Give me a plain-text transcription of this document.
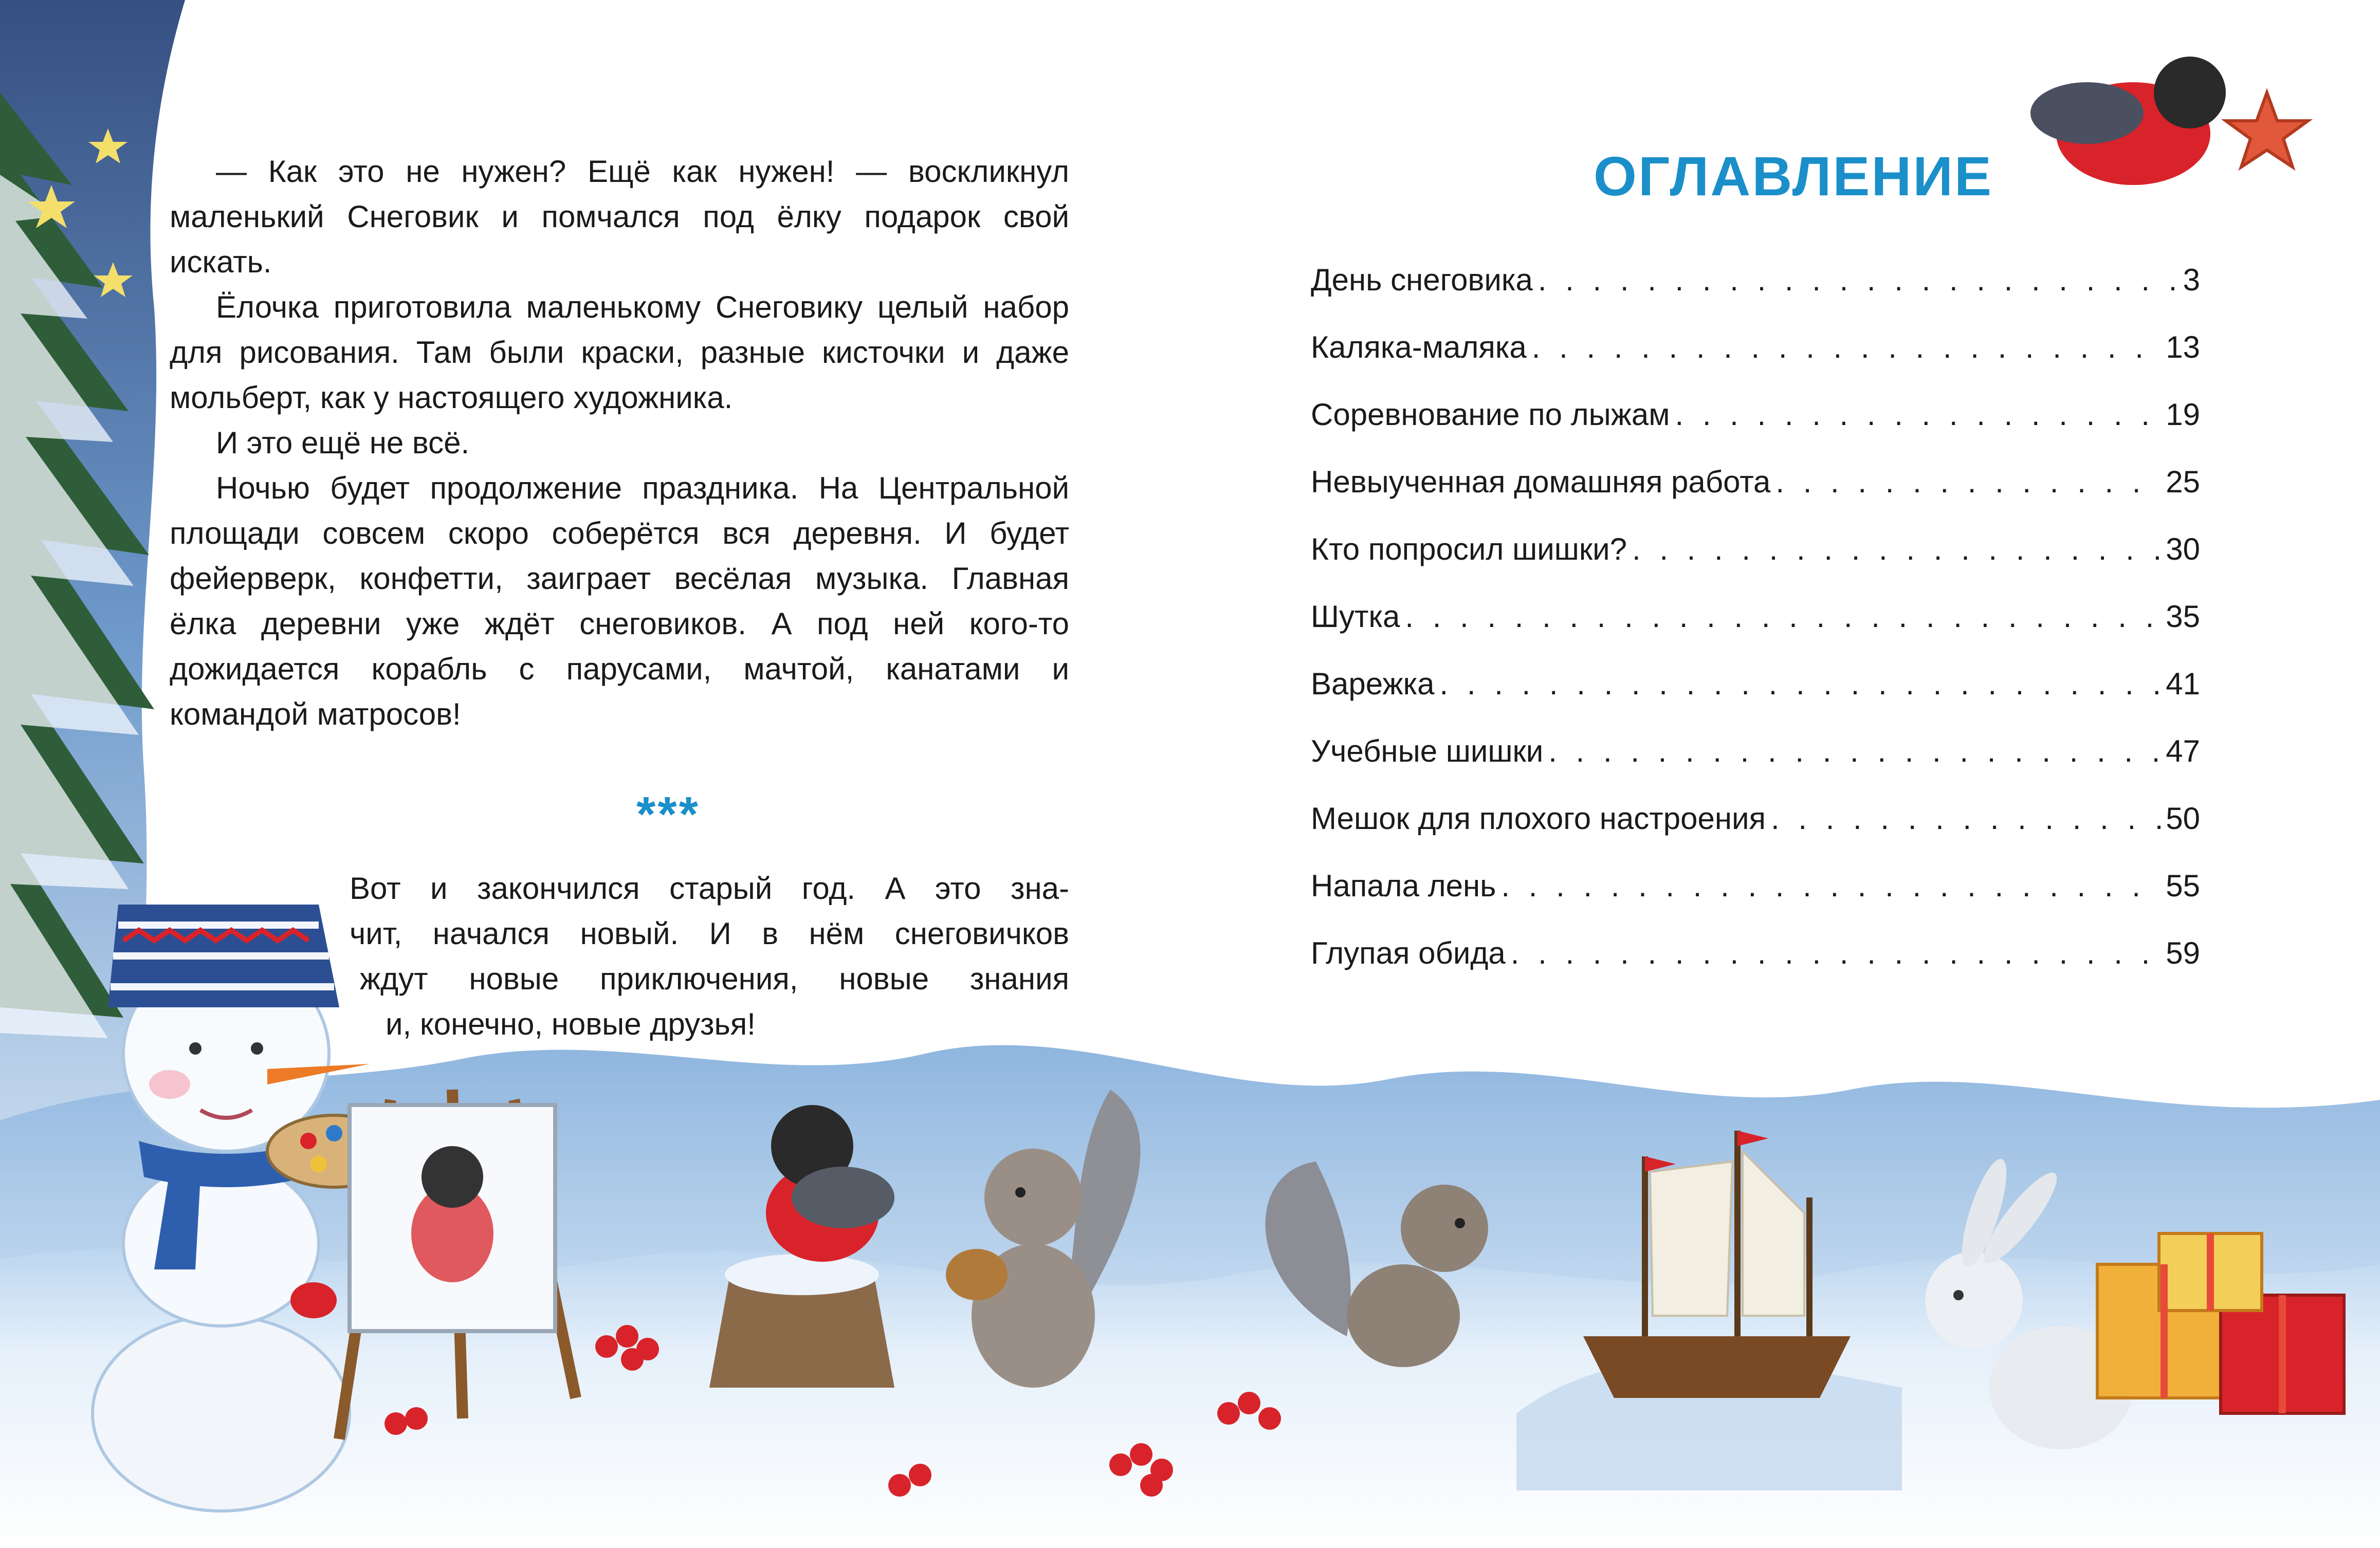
— Как это не нужен? Ещё как нужен! — воскликнул маленький Снеговик и помчался под ёлку подарок свой искать.

Ёлочка приготовила маленькому Снеговику целый набор для рисования. Там были краски, разные кисточки и даже мольберт, как у настоящего художника.

И это ещё не всё.

Ночью будет продолжение праздника. На Центральной площади совсем скоро соберётся вся деревня. И будет фейерверк, конфетти, заиграет весёлая музыка. Главная ёлка деревни уже ждёт снеговиков. А под ней кого-то дожидается корабль с парусами, мачтой, канатами и командой матросов!

***
Вот и закончился старый год. А это зна-
чит, начался новый. И в нём снеговичков
ждут новые приключения, новые знания
и, конечно, новые друзья!
ОГЛАВЛЕНИЕ
День снеговика . . .	3
Каляка-маляка . . .	13
Соревнование по лыжам . . .	19
Невыученная домашняя работа . . .	25
Кто попросил шишки? . . .	30
Шутка . . .	35
Варежка . . .	41
Учебные шишки . . .	47
Мешок для плохого настроения . . .	50
Напала лень . . .	55
Глупая обида . . .	59
